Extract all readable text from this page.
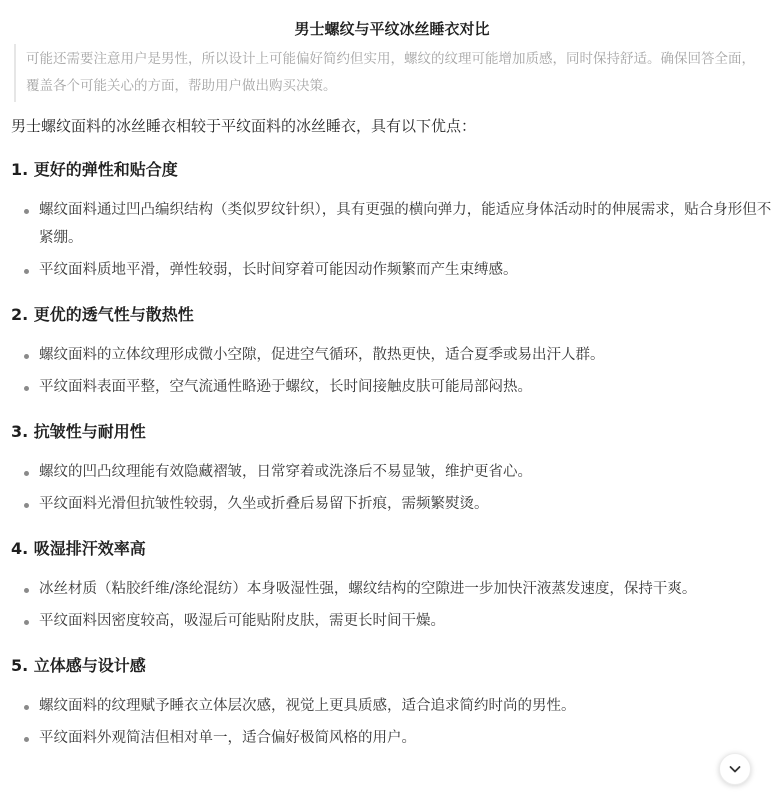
男士螺纹与平纹冰丝睡衣对比
可能还需要注意用户是男性，所以设计上可能偏好简约但实用，螺纹的纹理可能增加质感，同时保持舒适。确保回答全面，覆盖各个可能关心的方面，帮助用户做出购买决策。
男士螺纹面料的冰丝睡衣相较于平纹面料的冰丝睡衣，具有以下优点：
1. 更好的弹性和贴合度
螺纹面料通过凹凸编织结构（类似罗纹针织），具有更强的横向弹力，能适应身体活动时的伸展需求，贴合身形但不紧绷。
平纹面料质地平滑，弹性较弱，长时间穿着可能因动作频繁而产生束缚感。
2. 更优的透气性与散热性
螺纹面料的立体纹理形成微小空隙，促进空气循环，散热更快，适合夏季或易出汗人群。
平纹面料表面平整，空气流通性略逊于螺纹，长时间接触皮肤可能局部闷热。
3. 抗皱性与耐用性
螺纹的凹凸纹理能有效隐藏褶皱，日常穿着或洗涤后不易显皱，维护更省心。
平纹面料光滑但抗皱性较弱，久坐或折叠后易留下折痕，需频繁熨烫。
4. 吸湿排汗效率高
冰丝材质（粘胶纤维/涤纶混纺）本身吸湿性强，螺纹结构的空隙进一步加快汗液蒸发速度，保持干爽。
平纹面料因密度较高，吸湿后可能贴附皮肤，需更长时间干燥。
5. 立体感与设计感
螺纹面料的纹理赋予睡衣立体层次感，视觉上更具质感，适合追求简约时尚的男性。
平纹面料外观简洁但相对单一，适合偏好极简风格的用户。
